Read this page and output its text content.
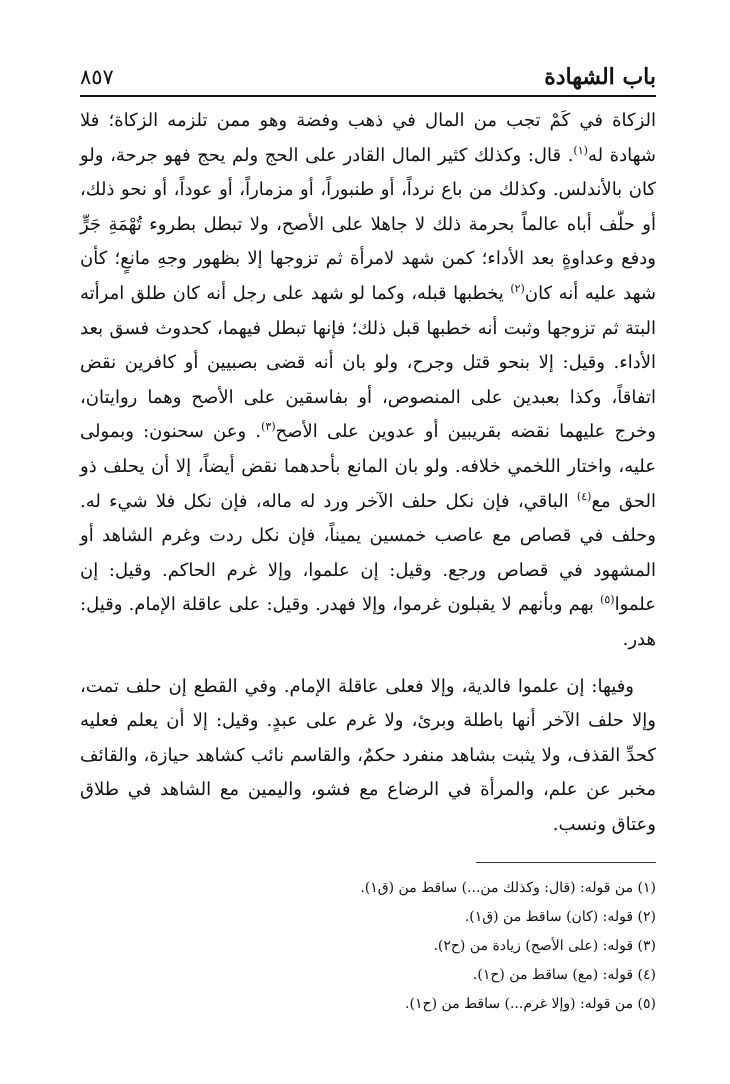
باب الشهادة
٨٥٧

الزكاة في كَمْ تجب من المال في ذهب وفضة وهو ممن تلزمه الزكاة؛ فلا شهادة له$^{(١)}$. قال: وكذلك كثير المال القادر على الحج ولم يحج فهو جرحة، ولو كان بالأندلس. وكذلك من باع نرداً، أو طنبوراً، أو مزماراً، أو عوداً، أو نحو ذلك، أو حلّف أباه عالماً بحرمة ذلك لا جاهلا على الأصح، ولا تبطل بطروء تُهْمَةِ جَرٍّ ودفع وعداوةٍ بعد الأداء؛ كمن شهد لامرأة ثم تزوجها إلا بظهور وجهِ مانعٍ؛ كأن شهد عليه أنه كان$^{(٢)}$ يخطبها قبله، وكما لو شهد على رجل أنه كان طلق امرأته البتة ثم تزوجها وثبت أنه خطبها قبل ذلك؛ فإنها تبطل فيهما، كحدوث فسق بعد الأداء. وقيل: إلا بنحو قتل وجرح، ولو بان أنه قضى بصبيين أو كافرين نقض اتفاقاً، وكذا بعبدين على المنصوص، أو بفاسقين على الأصح وهما روايتان، وخرج عليهما نقضه بقريبين أو عدوين على الأصح$^{(٣)}$. وعن سحنون: وبمولى عليه، واختار اللخمي خلافه. ولو بان المانع بأحدهما نقض أيضاً، إلا أن يحلف ذو الحق مع$^{(٤)}$ الباقي، فإن نكل حلف الآخر ورد له ماله، فإن نكل فلا شيء له. وحلف في قصاص مع عاصب خمسين يميناً، فإن نكل ردت وغرم الشاهد أو المشهود في قصاص ورجع. وقيل: إن علموا، وإلا غرم الحاكم. وقيل: إن علموا$^{(٥)}$ بهم وبأنهم لا يقبلون غرموا، وإلا فهدر. وقيل: على عاقلة الإمام. وقيل: هدر.

وفيها: إن علموا فالدية، وإلا فعلى عاقلة الإمام. وفي القطع إن حلف تمت، وإلا حلف الآخر أنها باطلة وبرئ، ولا غرم على عبدٍ. وقيل: إلا أن يعلم فعليه كحدِّ القذف، ولا يثبت بشاهد منفرد حكمٌ، والقاسم نائب كشاهد حيازة، والقائف مخبر عن علم، والمرأة في الرضاع مع فشو، واليمين مع الشاهد في طلاق وعتاق ونسب.

(١) من قوله: (قال: وكذلك من...) ساقط من (ق١).
(٢) قوله: (كان) ساقط من (ق١).
(٣) قوله: (على الأصح) زيادة من (ح٢).
(٤) قوله: (مع) ساقط من (ح١).
(٥) من قوله: (وإلا غرم...) ساقط من (ح١).
